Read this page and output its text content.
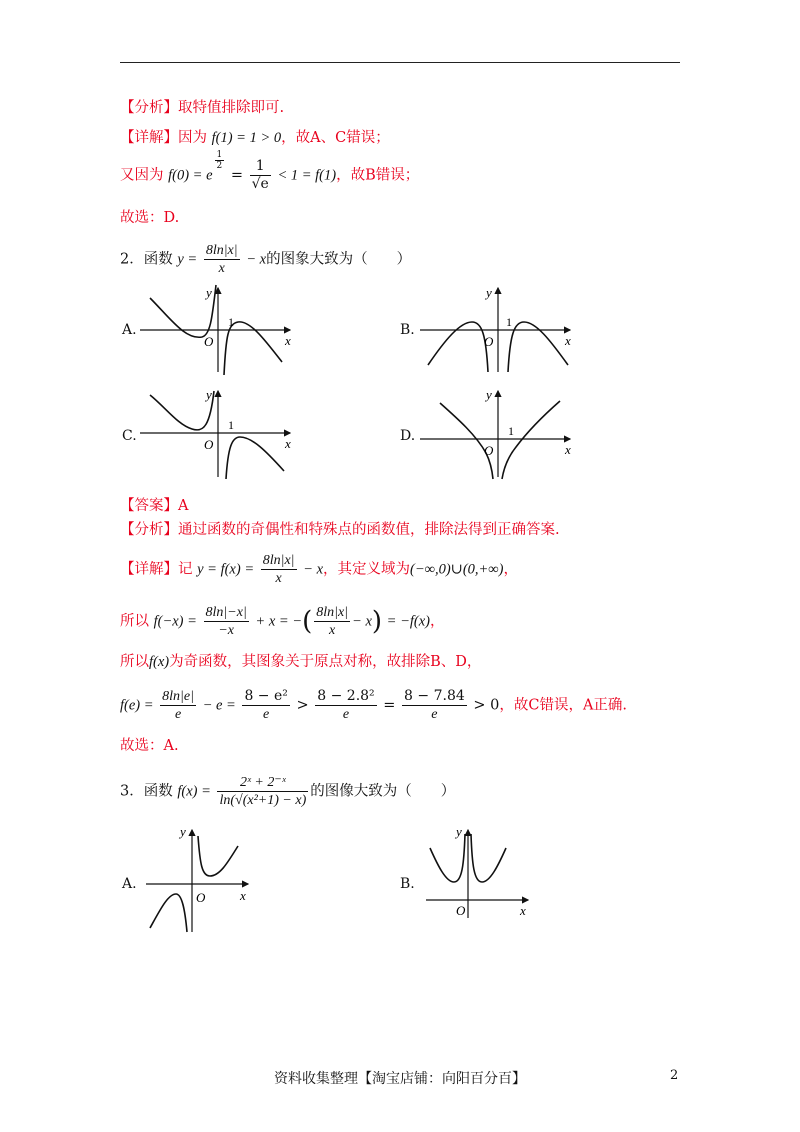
【分析】取特值排除即可.
【详解】因为 f(1) = 1 > 0，故A、C错误；
又因为 f(0) = e
$\frac{1}{2}$
= $\frac{1}{√e} < 1 = f(1)$，故B错误；
故选：D.
2．函数 $y = \frac{8\ln|x|}{x} - x$的图象大致为（　　）
A.
y
x
O
1	B.
y
x
O
1
C.
y
x
O
1
D.
y
x
O
1
【答案】A
【分析】通过函数的奇偶性和特殊点的函数值，排除法得到正确答案.
【详解】记 $y = f(x) = \frac{8\ln|x|}{x} - x$，其定义域为(−∞,0)∪(0,+∞)，
所以 $f(-x) = \frac{8\ln|-x|}{-x} + x$ = −( $\frac{8\ln|x|}{x} - x) = -f(x)$，
所以f(x)为奇函数，其图象关于原点对称，故排除B、D，
$f(e) = \frac{8\ln|e|}{e} - e = \frac{\text{8 − e²}}{e} > \frac{\text{8 − 2.8²}}{e} = \frac{8 - 7.84}{e} > 0$，故C错误，A正确.
故选：A.
3．函数 $f(x) = \frac{\text{2ˣ + 2⁻ˣ}}{\text{ln(√(x²+1) − x)}}$ 的图像大致为（　　）
A.
y
x
O
B.
y
x
O
资料收集整理【淘宝店铺：向阳百分百】	2
